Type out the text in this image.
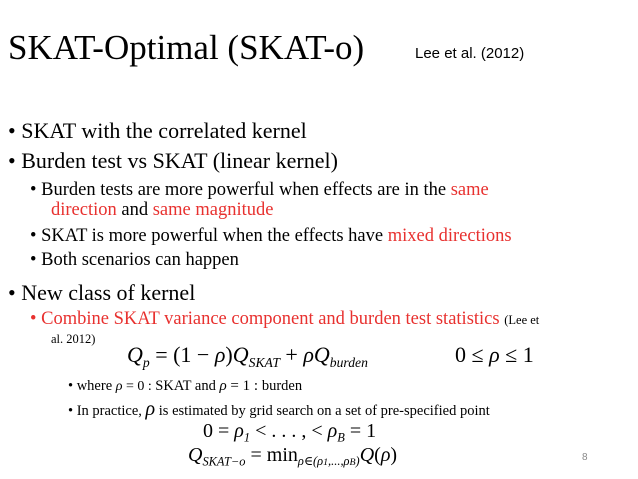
SKAT-Optimal (SKAT-o)	Lee et al. (2012)
• SKAT with the correlated kernel
• Burden test vs SKAT (linear kernel)
• Burden tests are more powerful when effects are in the same
direction and same magnitude
• SKAT is more powerful when the effects have mixed directions
• Both scenarios can happen
• New class of kernel
• Combine SKAT variance component and burden test statistics (Lee et
al. 2012)
$Q_p = (1 - \rho)Q_{SKAT} + \rho Q_{burden}$	0 ≤ ρ ≤ 1
• where ρ = 0 : SKAT and ρ = 1 : burden
• In practice, ρ is estimated by grid search on a set of pre-specified point
$0 = \rho_1$ < . . . , < $\rho_B = 1$
$Q_{SKAT-o} = \min_{\rho\in(\rho 1,...,\rho B)}Q(\rho)$	8
